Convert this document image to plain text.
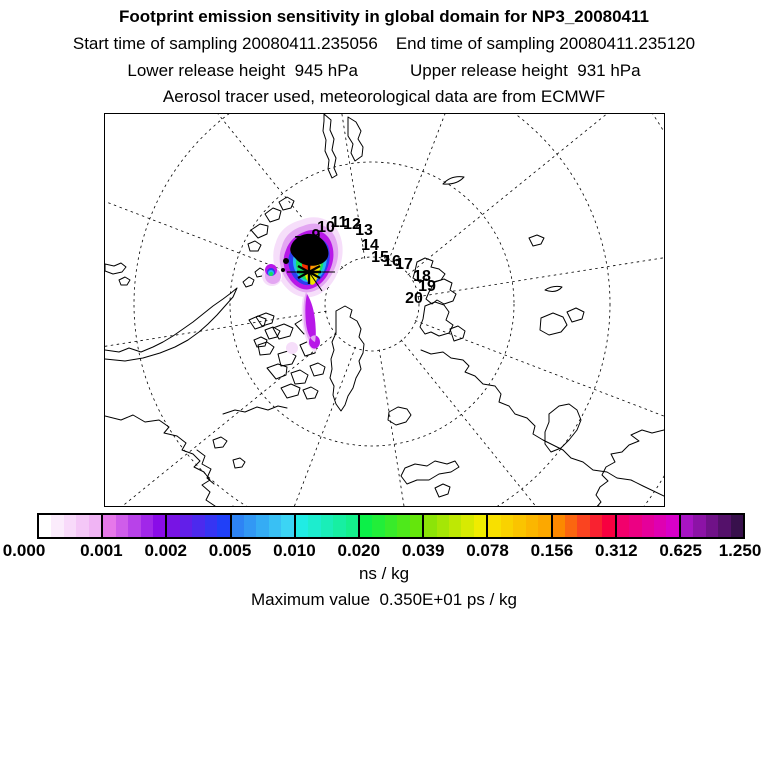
Footprint emission sensitivity in global domain for NP3_20080411
Start time of sampling 20080411.235056 End time of sampling 20080411.235120
Lower release height  945 hPa	Upper release height  931 hPa
Aerosol tracer used, meteorological data are from ECMWF
7 8 9
10
11
12
13
14
15
16
17
18
19
20
0.000 0.001 0.002 0.005 0.010 0.020 0.039 0.078 0.156 0.312 0.625 1.250
ns / kg
Maximum value  0.350E+01 ps / kg
